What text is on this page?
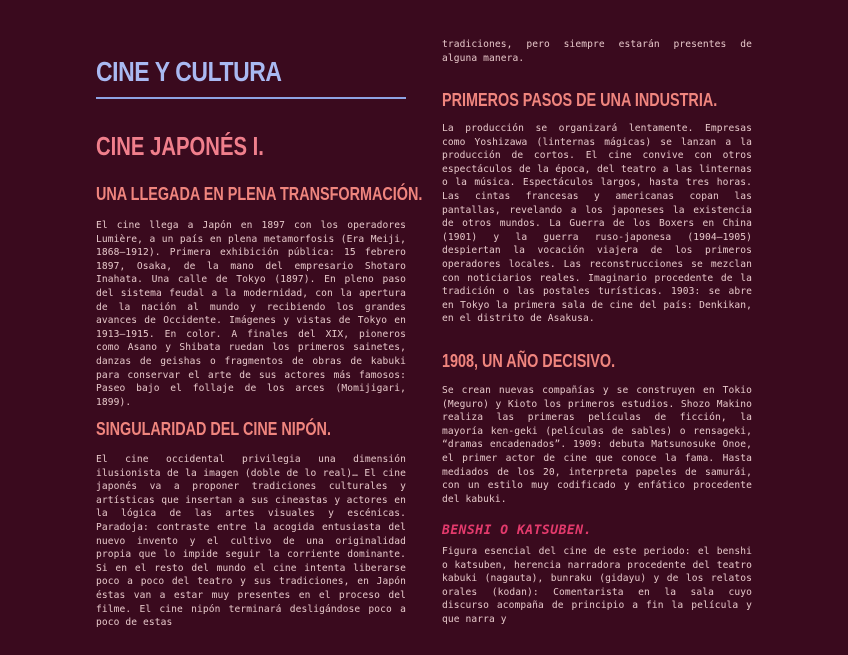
CINE Y CULTURA
CINE JAPONÉS I.
UNA LLEGADA EN PLENA TRANSFORMACIÓN.

El cine llega a Japón en 1897 con los operadores Lumière, a un país en plena metamorfosis (Era Meiji, 1868–1912). Primera exhibición pública: 15 febrero 1897, Osaka, de la mano del empresario Shotaro Inahata. Una calle de Tokyo (1897). En pleno paso del sistema feudal a la modernidad, con la apertura de la nación al mundo y recibiendo los grandes avances de Occidente. Imágenes y vistas de Tokyo en 1913–1915. En color. A finales del XIX, pioneros como Asano y Shibata ruedan los primeros sainetes, danzas de geishas o fragmentos de obras de kabuki para conservar el arte de sus actores más famosos: Paseo bajo el follaje de los arces (Momijigari, 1899).

SINGULARIDAD DEL CINE NIPÓN.

El cine occidental privilegia una dimensión ilusionista de la imagen (doble de lo real)… El cine japonés va a proponer tradiciones culturales y artísticas que insertan a sus cineastas y actores en la lógica de las artes visuales y escénicas. Paradoja: contraste entre la acogida entusiasta del nuevo invento y el cultivo de una originalidad propia que lo impide seguir la corriente dominante. Si en el resto del mundo el cine intenta liberarse poco a poco del teatro y sus tradiciones, en Japón éstas van a estar muy presentes en el proceso del filme. El cine nipón terminará desligándose poco a poco de estas

tradiciones, pero siempre estarán presentes de alguna manera.

PRIMEROS PASOS DE UNA INDUSTRIA.

La producción se organizará lentamente. Empresas como Yoshizawa (linternas mágicas) se lanzan a la producción de cortos. El cine convive con otros espectáculos de la época, del teatro a las linternas o la música. Espectáculos largos, hasta tres horas. Las cintas francesas y americanas copan las pantallas, revelando a los japoneses la existencia de otros mundos. La Guerra de los Boxers en China (1901) y la guerra ruso-japonesa (1904–1905) despiertan la vocación viajera de los primeros operadores locales. Las reconstrucciones se mezclan con noticiarios reales. Imaginario procedente de la tradición o las postales turísticas. 1903: se abre en Tokyo la primera sala de cine del país: Denkikan, en el distrito de Asakusa.

1908, UN AÑO DECISIVO.

Se crean nuevas compañías y se construyen en Tokio (Meguro) y Kioto los primeros estudios. Shozo Makino realiza las primeras películas de ficción, la mayoría ken-geki (películas de sables) o rensageki, “dramas encadenados”. 1909: debuta Matsunosuke Onoe, el primer actor de cine que conoce la fama. Hasta mediados de los 20, interpreta papeles de samurái, con un estilo muy codificado y enfático procedente del kabuki.

BENSHI O KATSUBEN.

Figura esencial del cine de este periodo: el benshi o katsuben, herencia narradora procedente del teatro kabuki (nagauta), bunraku (gidayu) y de los relatos orales (kodan): Comentarista en la sala cuyo discurso acompaña de principio a fin la película y que narra y
